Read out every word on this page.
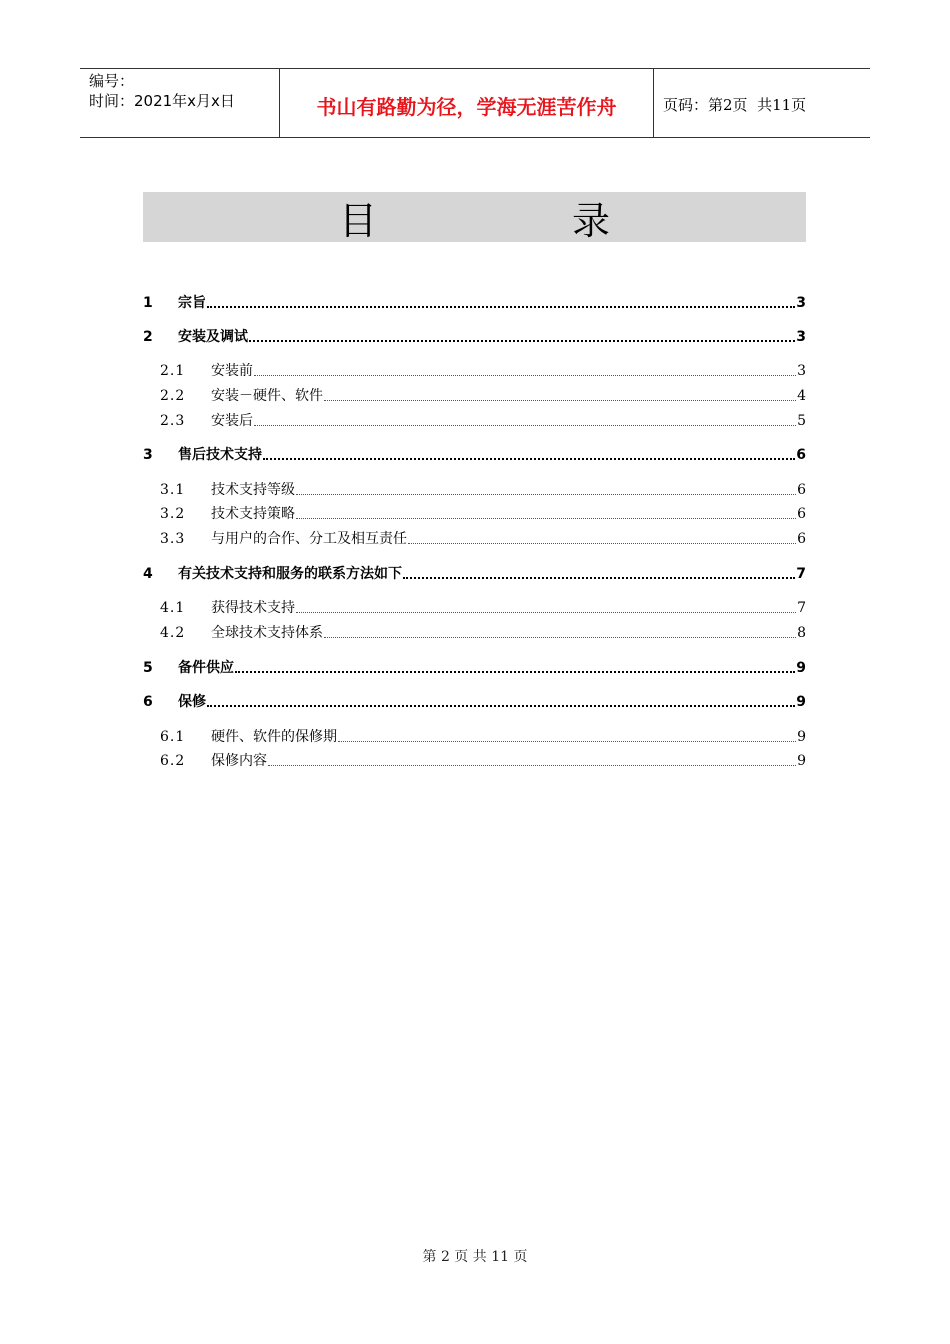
编号：
时间：2021年x月x日	书山有路勤为径，学海无涯苦作舟	页码：第2页  共11页
目	录
1	宗旨	3
2	安装及调试	3
2.1	安装前	3
2.2	安装－硬件、软件	4
2.3	安装后	5
3	售后技术支持	6
3.1	技术支持等级	6
3.2	技术支持策略	6
3.3	与用户的合作、分工及相互责任	6
4	有关技术支持和服务的联系方法如下	7
4.1	获得技术支持	7
4.2	全球技术支持体系	8
5	备件供应	9
6	保修	9
6.1	硬件、软件的保修期	9
6.2	保修内容	9
第 2 页 共 11 页
